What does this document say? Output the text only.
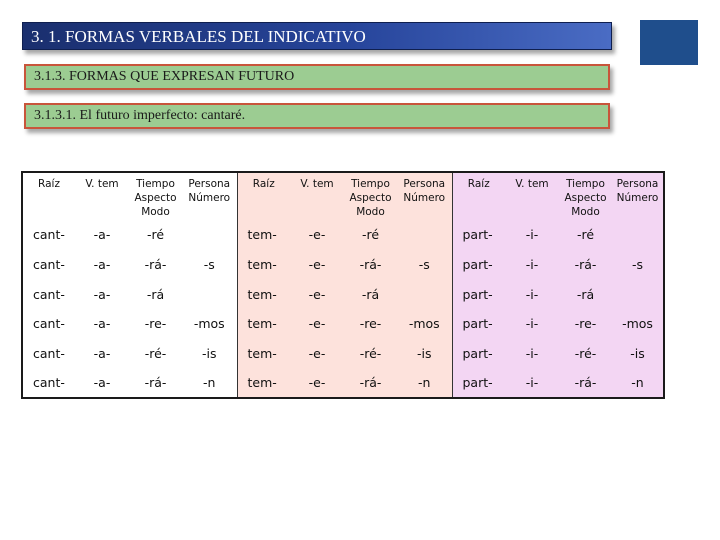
3. 1. FORMAS VERBALES DEL INDICATIVO
3.1.3. FORMAS QUE EXPRESAN FUTURO
3.1.3.1. El futuro imperfecto: cantaré.
Raíz	V. tem	Tiempo Aspecto Modo	Persona Número	Raíz	V. tem	Tiempo Aspecto Modo	Persona Número	Raíz	V. tem	Tiempo Aspecto Modo	Persona Número
cant-	-a-	-ré		tem-	-e-	-ré		part-	-i-	-ré	
cant-	-a-	-rá-	-s	tem-	-e-	-rá-	-s	part-	-i-	-rá-	-s
cant-	-a-	-rá		tem-	-e-	-rá		part-	-i-	-rá	
cant-	-a-	-re-	-mos	tem-	-e-	-re-	-mos	part-	-i-	-re-	-mos
cant-	-a-	-ré-	-is	tem-	-e-	-ré-	-is	part-	-i-	-ré-	-is
cant-	-a-	-rá-	-n	tem-	-e-	-rá-	-n	part-	-i-	-rá-	-n
